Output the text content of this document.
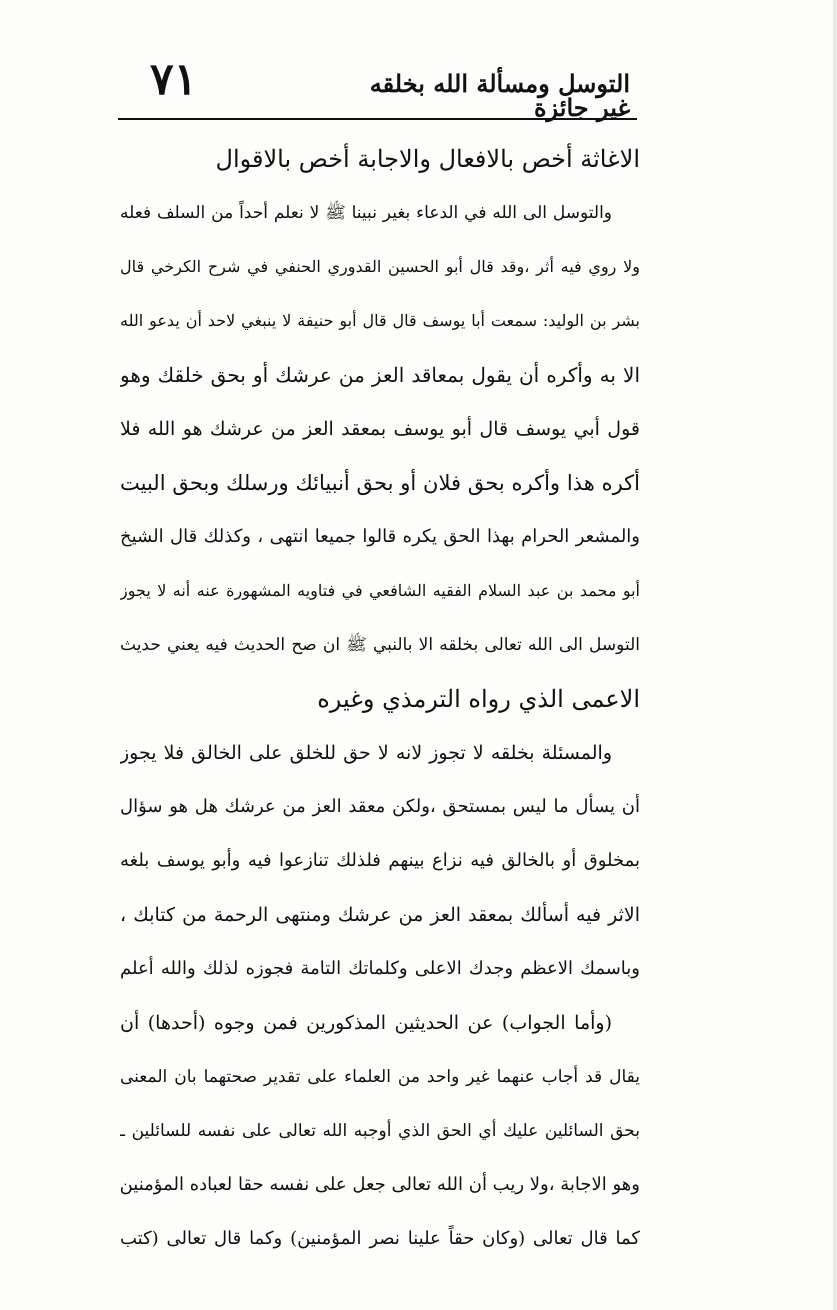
٧١	التوسل ومسألة الله بخلقه غير جائزة
الاغاثة أخص بالافعال والاجابة أخص بالاقوال
والتوسل الى الله في الدعاء بغير نبينا ﷺ لا نعلم أحداً من السلف فعله
ولا روي فيه أثر ،وقد قال أبو الحسين القدوري الحنفي في شرح الكرخي قال
بشر بن الوليد: سمعت أبا يوسف قال قال أبو حنيفة لا ينبغي لاحد أن يدعو الله
الا به وأكره أن يقول بمعاقد العز من عرشك أو بحق خلقك وهو
قول أبي يوسف قال أبو يوسف بمعقد العز من عرشك هو الله فلا
أكره هذا وأكره بحق فلان أو بحق أنبيائك ورسلك وبحق البيت
والمشعر الحرام بهذا الحق يكره قالوا جميعا انتهى ، وكذلك قال الشيخ
أبو محمد بن عبد السلام الفقيه الشافعي في فتاويه المشهورة عنه أنه لا يجوز
التوسل الى الله تعالى بخلقه الا بالنبي ﷺ ان صح الحديث فيه يعني حديث
الاعمى الذي رواه الترمذي وغيره
والمسئلة بخلقه لا تجوز لانه لا حق للخلق على الخالق فلا يجوز
أن يسأل ما ليس بمستحق ،ولكن معقد العز من عرشك هل هو سؤال
بمخلوق أو بالخالق فيه نزاع بينهم فلذلك تنازعوا فيه وأبو يوسف بلغه
الاثر فيه أسألك بمعقد العز من عرشك ومنتهى الرحمة من كتابك ،
وباسمك الاعظم وجدك الاعلى وكلماتك التامة فجوزه لذلك والله أعلم
(وأما الجواب) عن الحديثين المذكورين فمن وجوه (أحدها) أن
يقال قد أجاب عنهما غير واحد من العلماء على تقدير صحتهما بان المعنى
بحق السائلين عليك أي الحق الذي أوجبه الله تعالى على نفسه للسائلين ـ
وهو الاجابة ،ولا ريب أن الله تعالى جعل على نفسه حقا لعباده المؤمنين
كما قال تعالى (وكان حقاً علينا نصر المؤمنين) وكما قال تعالى (كتب
